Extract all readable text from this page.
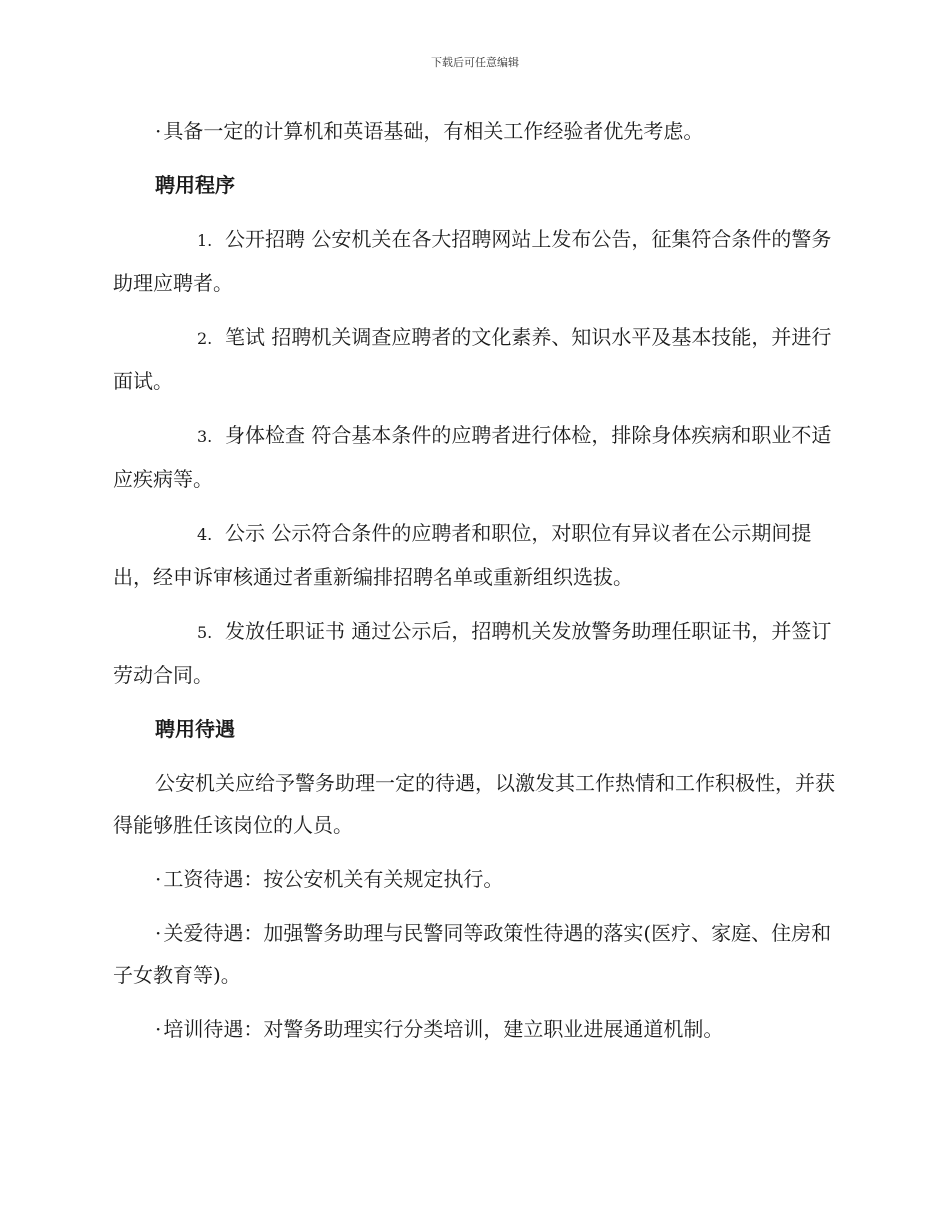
下载后可任意编辑

· 具备一定的计算机和英语基础，有相关工作经验者优先考虑。

聘用程序

1. 公开招聘 公安机关在各大招聘网站上发布公告，征集符合条件的警务助理应聘者。

2. 笔试 招聘机关调查应聘者的文化素养、知识水平及基本技能，并进行面试。

3. 身体检查 符合基本条件的应聘者进行体检，排除身体疾病和职业不适应疾病等。

4. 公示 公示符合条件的应聘者和职位，对职位有异议者在公示期间提出，经申诉审核通过者重新编排招聘名单或重新组织选拔。

5. 发放任职证书 通过公示后，招聘机关发放警务助理任职证书，并签订劳动合同。

聘用待遇

公安机关应给予警务助理一定的待遇，以激发其工作热情和工作积极性，并获得能够胜任该岗位的人员。

· 工资待遇：按公安机关有关规定执行。

· 关爱待遇：加强警务助理与民警同等政策性待遇的落实(医疗、家庭、住房和子女教育等)。

· 培训待遇：对警务助理实行分类培训，建立职业进展通道机制。
